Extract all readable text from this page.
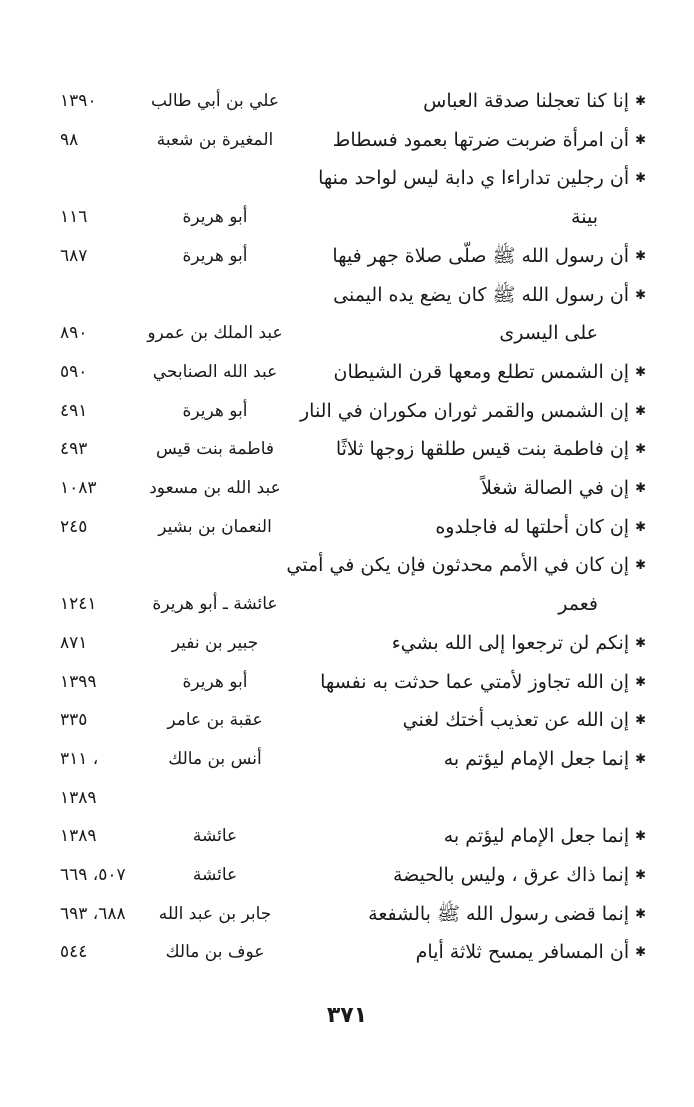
✱إنا كنا تعجلنا صدقة العباس
علي بن أبي طالب
١٣٩٠
✱أن امرأة ضربت ضرتها بعمود فسطاط
المغيرة بن شعبة
٩٨
✱أن رجلين تداراءا ي دابة ليس لواحد منها
بينة
أبو هريرة
١١٦
✱أن رسول الله ﷺ صلّى صلاة جهر فيها
أبو هريرة
٦٨٧
✱أن رسول الله ﷺ كان يضع يده اليمنى
على اليسرى
عبد الملك بن عمرو
٨٩٠
✱إن الشمس تطلع ومعها قرن الشيطان
عبد الله الصنابحي
٥٩٠
✱إن الشمس والقمر ثوران مكوران في النار
أبو هريرة
٤٩١
✱إن فاطمة بنت قيس طلقها زوجها ثلاثًا
فاطمة بنت قيس
٤٩٣
✱إن في الصالة شغلاً
عبد الله بن مسعود
١٠٨٣
✱إن كان أحلتها له فاجلدوه
النعمان بن بشير
٢٤٥
✱إن كان في الأمم محدثون فإن يكن في أمتي
فعمر
عائشة ـ أبو هريرة
١٢٤١
✱إنكم لن ترجعوا إلى الله بشيء
جبير بن نفير
٨٧١
✱إن الله تجاوز لأمتي عما حدثت به نفسها
أبو هريرة
١٣٩٩
✱إن الله عن تعذيب أختك لغني
عقبة بن عامر
٣٣٥
✱إنما جعل الإمام ليؤتم به
أنس بن مالك
٣١١ ،
١٣٨٩
✱إنما جعل الإمام ليؤتم به
عائشة
١٣٨٩
✱إنما ذاك عرق ، وليس بالحيضة
عائشة
٥٠٧، ٦٦٩
✱إنما قضى رسول الله ﷺ بالشفعة
جابر بن عبد الله
٦٨٨، ٦٩٣
✱أن المسافر يمسح ثلاثة أيام
عوف بن مالك
٥٤٤
٣٧١
